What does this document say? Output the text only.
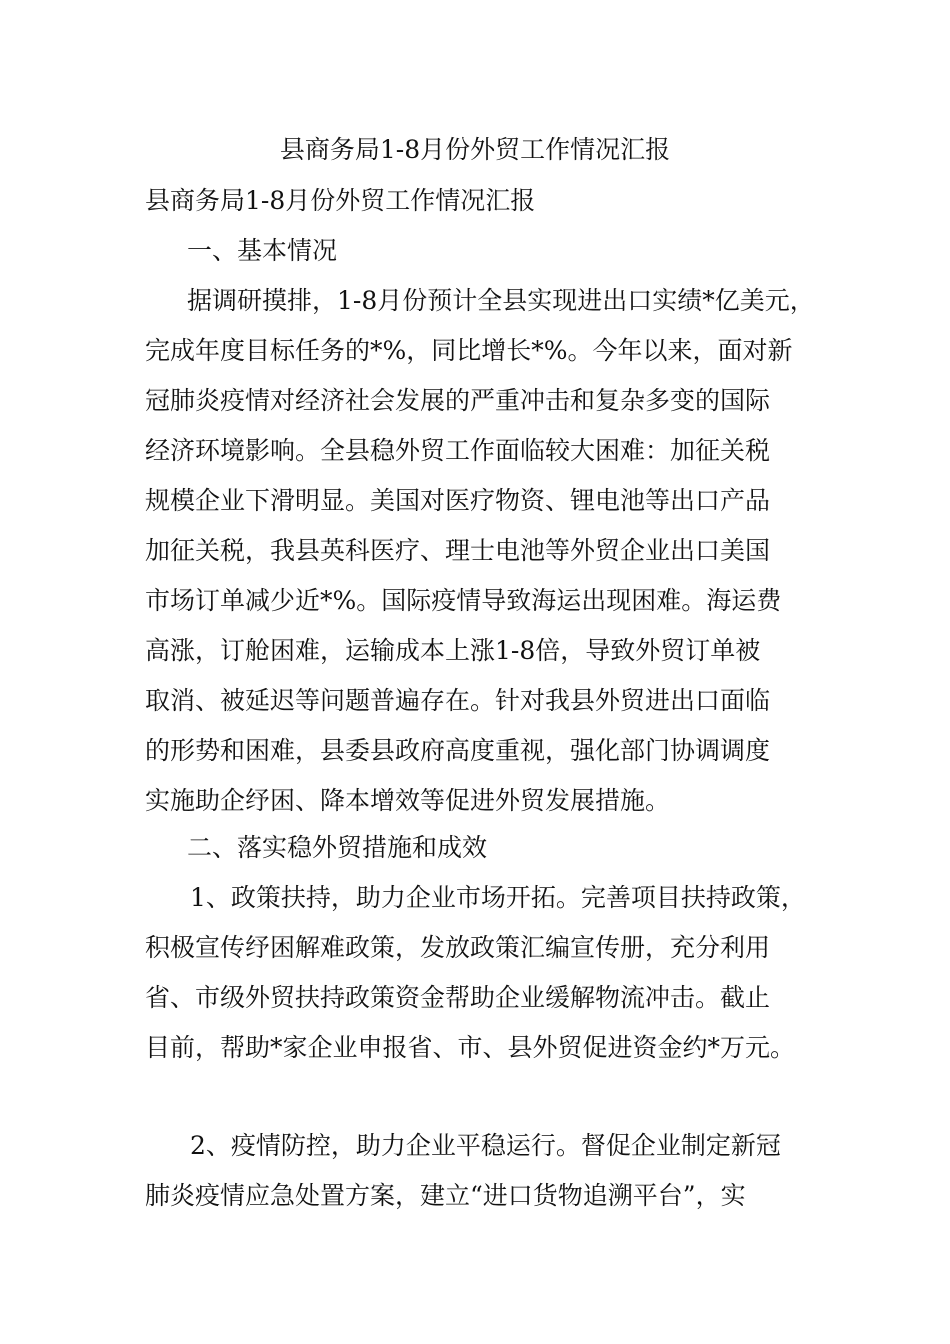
县商务局1-8月份外贸工作情况汇报
县商务局1-8月份外贸工作情况汇报
一、基本情况
据调研摸排，1-8月份预计全县实现进出口实绩*亿美元，
完成年度目标任务的*%，同比增长*%。今年以来，面对新
冠肺炎疫情对经济社会发展的严重冲击和复杂多变的国际
经济环境影响。全县稳外贸工作面临较大困难：加征关税
规模企业下滑明显。美国对医疗物资、锂电池等出口产品
加征关税，我县英科医疗、理士电池等外贸企业出口美国
市场订单减少近*%。国际疫情导致海运出现困难。海运费
高涨，订舱困难，运输成本上涨1-8倍，导致外贸订单被
取消、被延迟等问题普遍存在。针对我县外贸进出口面临
的形势和困难，县委县政府高度重视，强化部门协调调度
实施助企纾困、降本增效等促进外贸发展措施。
二、落实稳外贸措施和成效
1、政策扶持，助力企业市场开拓。完善项目扶持政策，
积极宣传纾困解难政策，发放政策汇编宣传册，充分利用
省、市级外贸扶持政策资金帮助企业缓解物流冲击。截止
目前，帮助*家企业申报省、市、县外贸促进资金约*万元。
2、疫情防控，助力企业平稳运行。督促企业制定新冠
肺炎疫情应急处置方案，建立“进口货物追溯平台”，实
